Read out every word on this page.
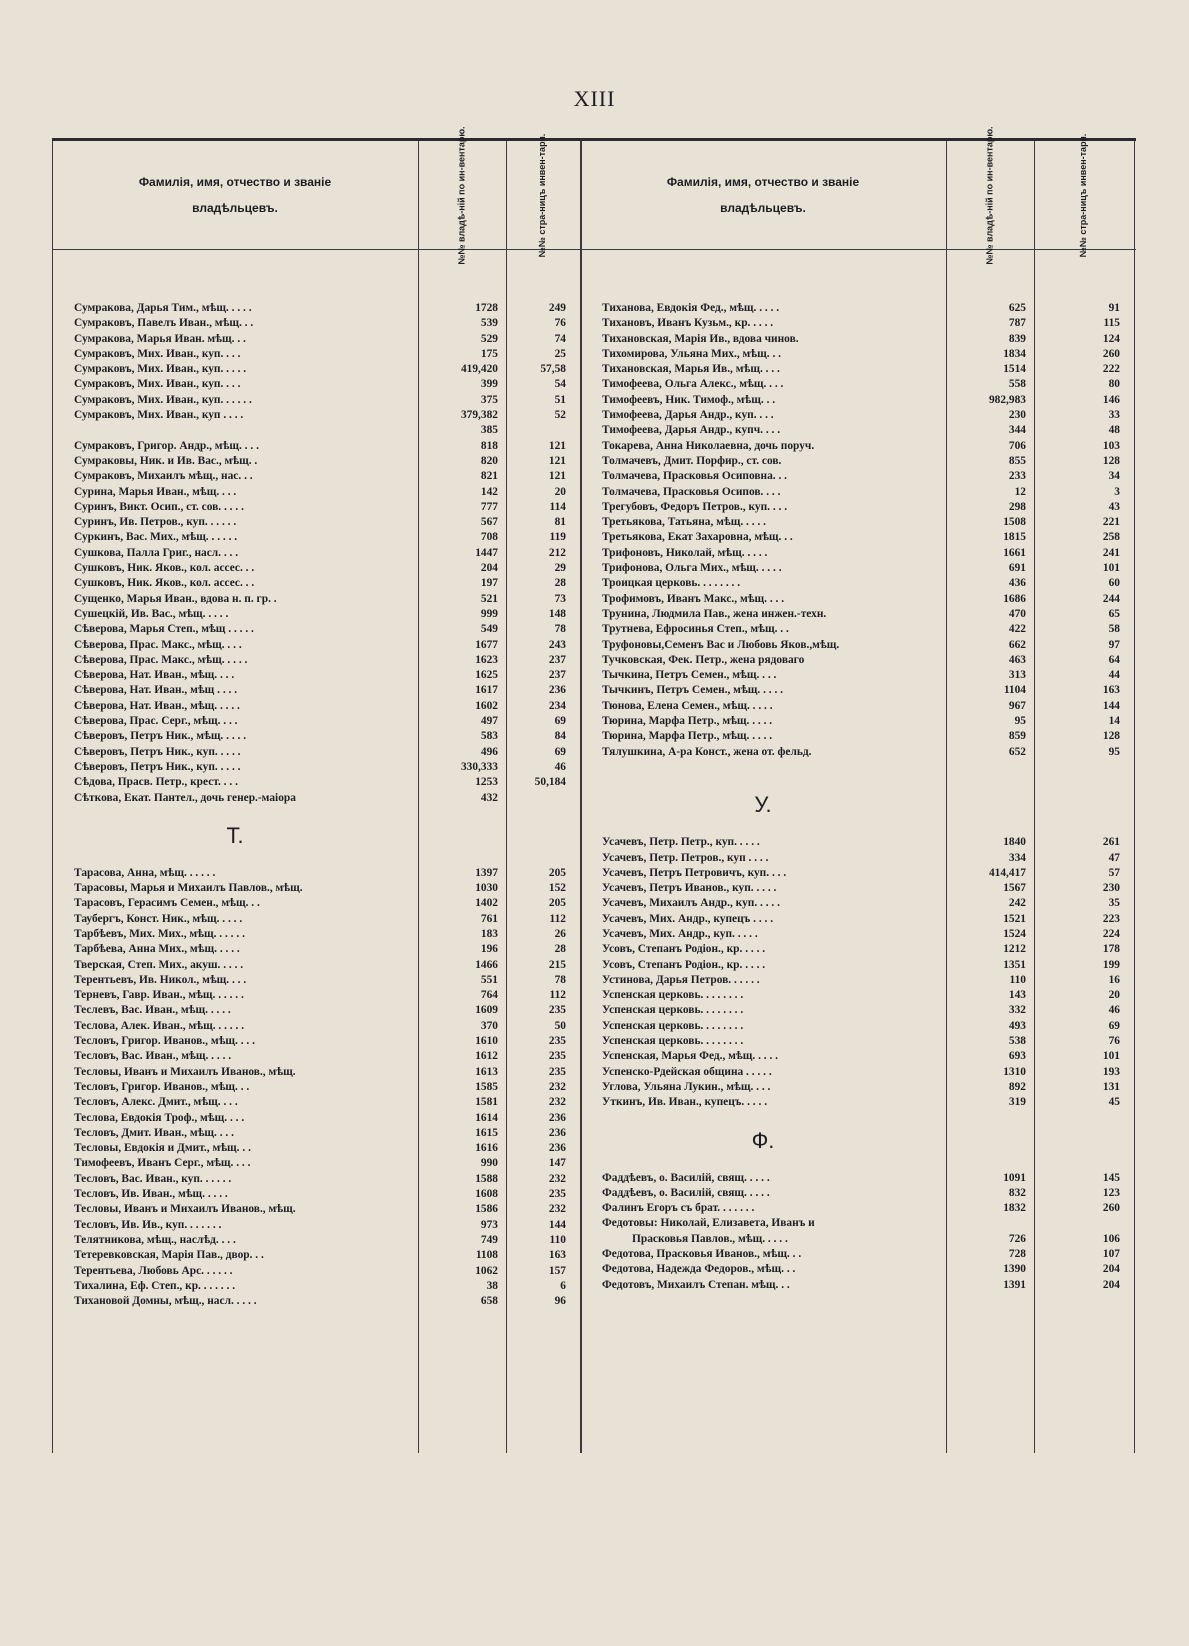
XIII
Фамилія, имя, отчество и званіе
владѣльцевъ.	№№ владѣ-ній по ин-вентарю.	№№ стра-ницъ инвен-таря.	Фамилія, имя, отчество и званіе
владѣльцевъ.	№№ владѣ-ній по ин-вентарю.	№№ стра-ницъ инвен-таря.
Сумракова, Дарья Тим., мѣщ. . . . .	1728	249
Сумраковъ, Павелъ Иван., мѣщ. . .	539	76
Сумракова, Марья Иван. мѣщ. . .	529	74
Сумраковъ, Мих. Иван., куп. . . .	175	25
Сумраковъ, Мих. Иван., куп. . . . .	419,420	57,58
Сумраковъ, Мих. Иван., куп. . . .	399	54
Сумраковъ, Мих. Иван., куп. . . . . .	375	51
Сумраковъ, Мих. Иван., куп . . . .	379,382	52
385
Сумраковъ, Григор. Андр., мѣщ. . . .	818	121
Сумраковы, Ник. и Ив. Вас., мѣщ. .	820	121
Сумраковъ, Михаилъ мѣщ., нас. . .	821	121
Сурина, Марья Иван., мѣщ. . . .	142	20
Суринъ, Викт. Осип., ст. сов. . . . .	777	114
Суринъ, Ив. Петров., куп. . . . . .	567	81
Суркинъ, Вас. Мих., мѣщ. . . . . .	708	119
Сушкова, Палла Григ., насл. . . .	1447	212
Сушковъ, Ник. Яков., кол. ассес. . .	204	29
Сушковъ, Ник. Яков., кол. ассес. . .	197	28
Сущенко, Марья Иван., вдова н. п. гр. .	521	73
Сушецкій, Ив. Вас., мѣщ. . . . .	999	148
Сѣверова, Марья Степ., мѣщ . . . . .	549	78
Сѣверова, Прас. Макс., мѣщ. . . .	1677	243
Сѣверова, Прас. Макс., мѣщ. . . . .	1623	237
Сѣверова, Нат. Иван., мѣщ. . . .	1625	237
Сѣверова, Нат. Иван., мѣщ . . . .	1617	236
Сѣверова, Нат. Иван., мѣщ. . . . .	1602	234
Сѣверова, Прас. Серг., мѣщ. . . .	497	69
Сѣверовъ, Петръ Ник., мѣщ. . . . .	583	84
Сѣверовъ, Петръ Ник., куп. . . . .	496	69
Сѣверовъ, Петръ Ник., куп. . . . .	330,333	46
Сѣдова, Прасв. Петр., крест. . . .	1253	50,184
Сѣткова, Екат. Пантел., дочь генер.-маiора	432
Т.
Тарасова, Анна, мѣщ. . . . . .	1397	205
Тарасовы, Марья и Михаилъ Павлов., мѣщ.	1030	152
Тарасовъ, Герасимъ Семен., мѣщ. . .	1402	205
Таубергъ, Конст. Ник., мѣщ. . . . .	761	112
Тарбѣевъ, Мих. Мих., мѣщ. . . . . .	183	26
Тарбѣева, Анна Мих., мѣщ. . . . .	196	28
Тверская, Степ. Мих., акуш. . . . .	1466	215
Терентьевъ, Ив. Никол., мѣщ. . . .	551	78
Терневъ, Гавр. Иван., мѣщ. . . . . .	764	112
Теслевъ, Вас. Иван., мѣщ. . . . .	1609	235
Теслова, Алек. Иван., мѣщ. . . . . .	370	50
Тесловъ, Григор. Иванов., мѣщ. . . .	1610	235
Тесловъ, Вас. Иван., мѣщ. . . . .	1612	235
Тесловы, Иванъ и Михаилъ Иванов., мѣщ.	1613	235
Тесловъ, Григор. Иванов., мѣщ. . .	1585	232
Тесловъ, Алекс. Дмит., мѣщ. . . .	1581	232
Теслова, Евдокія Троф., мѣщ. . . .	1614	236
Тесловъ, Дмит. Иван., мѣщ. . . .	1615	236
Тесловы, Евдокія и Дмит., мѣщ. . .	1616	236
Тимофеевъ, Иванъ Серг., мѣщ. . . .	990	147
Тесловъ, Вас. Иван., куп. . . . . .	1588	232
Тесловъ, Ив. Иван., мѣщ. . . . .	1608	235
Тесловы, Иванъ и Михаилъ Иванов., мѣщ.	1586	232
Тесловъ, Ив. Ив., куп. . . . . . .	973	144
Телятникова, мѣщ., наслѣд. . . .	749	110
Тетеревковская, Марія Пав., двор. . .	1108	163
Терентьева, Любовь Арс. . . . . .	1062	157
Тихалина, Еф. Степ., кр. . . . . . .	38	6
Тихановой Домны, мѣщ., насл. . . . .	658	96
Тиханова, Евдокія Фед., мѣщ. . . . .	625	91
Тихановъ, Иванъ Кузьм., кр. . . . .	787	115
Тихановская, Марія Ив., вдова чинов.	839	124
Тихомирова, Ульяна Мих., мѣщ. . .	1834	260
Тихановская, Марья Ив., мѣщ. . . .	1514	222
Тимофеева, Ольга Алекс., мѣщ. . . .	558	80
Тимофеевъ, Ник. Тимоф., мѣщ. . .	982,983	146
Тимофеева, Дарья Андр., куп. . . .	230	33
Тимофеева, Дарья Андр., купч. . . .	344	48
Токарева, Анна Николаевна, дочь поруч.	706	103
Толмачевъ, Дмит. Порфир., ст. сов.	855	128
Толмачева, Прасковья Осиповна. . .	233	34
Толмачева, Прасковья Осипов. . . .	12	3
Трегубовъ, Федоръ Петров., куп. . . .	298	43
Третьякова, Татьяна, мѣщ. . . . .	1508	221
Третьякова, Екат Захаровна, мѣщ. . .	1815	258
Трифоновъ, Николай, мѣщ. . . . .	1661	241
Трифонова, Ольга Мих., мѣщ. . . . .	691	101
Троицкая церковь. . . . . . . .	436	60
Трофимовъ, Иванъ Макс., мѣщ. . . .	1686	244
Трунина, Людмила Пав., жена инжен.-техн.	470	65
Трутнева, Ефросинья Степ., мѣщ. . .	422	58
Труфоновы,Семенъ Вас и Любовь Яков.,мѣщ.	662	97
Тучковская, Фек. Петр., жена рядоваго	463	64
Тычкина, Петръ Семен., мѣщ. . . .	313	44
Тычкинъ, Петръ Семен., мѣщ. . . . .	1104	163
Тюнова, Елена Семен., мѣщ. . . . .	967	144
Тюрина, Марфа Петр., мѣщ. . . . .	95	14
Тюрина, Марфа Петр., мѣщ. . . . .	859	128
Тялушкина, А-ра Конст., жена от. фельд.	652	95
У.
Усачевъ, Петр. Петр., куп. . . . .	1840	261
Усачевъ, Петр. Петров., куп . . . .	334	47
Усачевъ, Петръ Петровичъ, куп. . . .	414,417	57
Усачевъ, Петръ Иванов., куп. . . . .	1567	230
Усачевъ, Михаилъ Андр., куп. . . . .	242	35
Усачевъ, Мих. Андр., купецъ . . . .	1521	223
Усачевъ, Мих. Андр., куп. . . . .	1524	224
Усовъ, Степанъ Родіон., кр. . . . .	1212	178
Усовъ, Степанъ Родіон., кр. . . . .	1351	199
Устинова, Дарья Петров. . . . . .	110	16
Успенская церковь. . . . . . . .	143	20
Успенская церковь. . . . . . . .	332	46
Успенская церковь. . . . . . . .	493	69
Успенская церковь. . . . . . . .	538	76
Успенская, Марья Фед., мѣщ. . . . .	693	101
Успенско-Рдейская община . . . . .	1310	193
Углова, Ульяна Лукин., мѣщ. . . .	892	131
Уткинъ, Ив. Иван., купецъ. . . . .	319	45
Ф.
Фаддѣевъ, о. Василій, свящ. . . . .	1091	145
Фаддѣевъ, о. Василій, свящ. . . . .	832	123
Фалинъ Егоръ съ брат. . . . . . .	1832	260
Федотовы: Николай, Елизавета, Иванъ и
Прасковья Павлов., мѣщ. . . . .	726	106
Федотова, Прасковья Иванов., мѣщ. . .	728	107
Федотова, Надежда Федоров., мѣщ. . .	1390	204
Федотовъ, Михаилъ Степан. мѣщ. . .	1391	204
